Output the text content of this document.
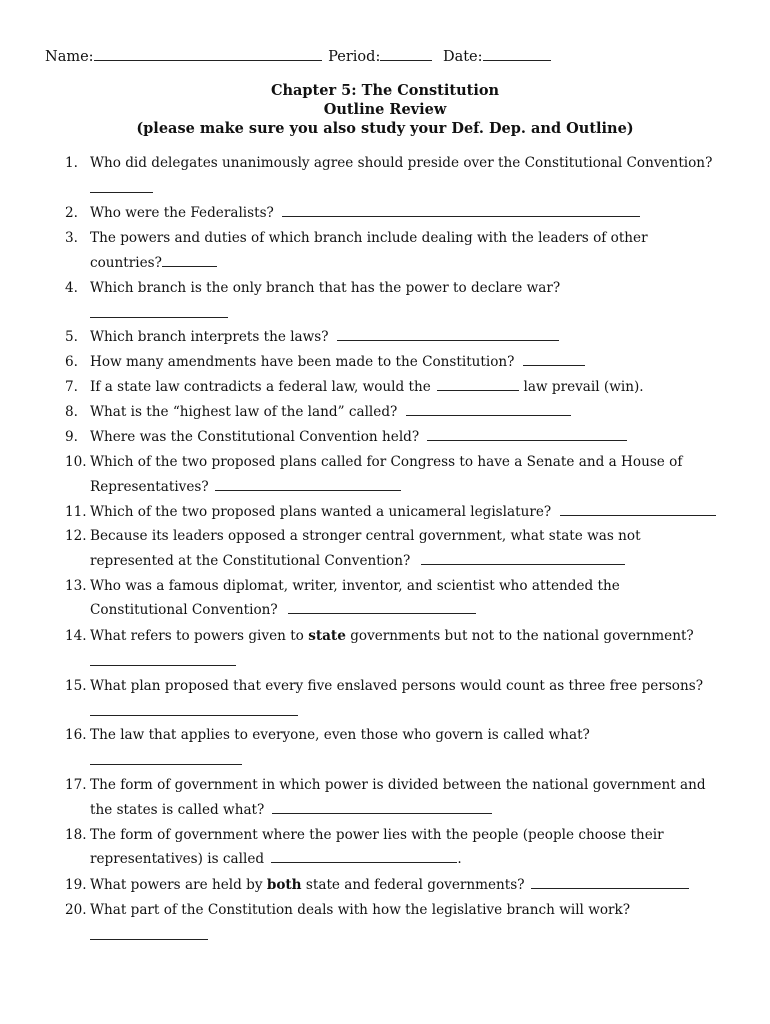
Name:	Period:	Date:
Chapter 5: The Constitution
Outline Review
(please make sure you also study your Def. Dep. and Outline)
1. Who did delegates unanimously agree should preside over the Constitutional Convention?
2. Who were the Federalists?
3. The powers and duties of which branch include dealing with the leaders of other
countries?
4. Which branch is the only branch that has the power to declare war?
5. Which branch interprets the laws?
6. How many amendments have been made to the Constitution?
7. If a state law contradicts a federal law, would the	law prevail (win).
8. What is the “highest law of the land” called?
9. Where was the Constitutional Convention held?
10. Which of the two proposed plans called for Congress to have a Senate and a House of
Representatives?
11. Which of the two proposed plans wanted a unicameral legislature?
12. Because its leaders opposed a stronger central government, what state was not
represented at the Constitutional Convention?
13. Who was a famous diplomat, writer, inventor, and scientist who attended the
Constitutional Convention?
14. What refers to powers given to state governments but not to the national government?
15. What plan proposed that every five enslaved persons would count as three free persons?
16. The law that applies to everyone, even those who govern is called what?
17. The form of government in which power is divided between the national government and
the states is called what?
18. The form of government where the power lies with the people (people choose their
representatives) is called	.
19. What powers are held by both state and federal governments?
20. What part of the Constitution deals with how the legislative branch will work?
